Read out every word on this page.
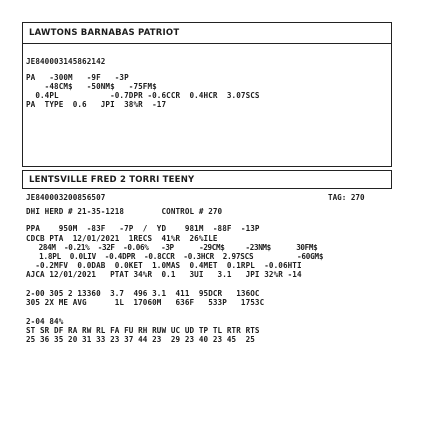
LAWTONS BARNABAS PATRIOT
JE840003145862142
PA   -300M   -9F   -3P
-48CM$   -50NM$   -75FM$
0.4PL           -0.7DPR -0.6CCR  0.4HCR  3.07SCS
PA  TYPE  0.6   JPI  38%R  -17
LENTSVILLE FRED 2 TORRI TEENY
JE840003200856507	TAG: 270
DHI HERD # 21-35-1218        CONTROL # 270
PPA    950M  -83F   -7P  /  YD    981M  -88F  -13P
CDCB PTA  12/01/2021  1RECS  41%R  26%ILE
284M  -0.21%  -32F  -0.06%   -3P      -29CM$     -23NM$      30FM$
1.8PL  0.0LIV  -0.4DPR  -0.8CCR  -0.3HCR  2.97SCS          -60GM$
-0.2MFV  0.0DAB  0.0KET  1.0MAS  0.4MET  0.1RPL  -0.06HTI
AJCA 12/01/2021   PTAT 34%R  0.1   3UI   3.1   JPI 32%R -14
2-00 305 2 13360  3.7  496 3.1  411  95DCR   136OC
305 2X ME AVG      1L  17060M   636F   533P   1753C
2-04 84%
ST SR DF RA RW RL FA FU RH RUW UC UD TP TL RTR RTS
25 36 35 20 31 33 23 37 44 23  29 23 40 23 45  25
